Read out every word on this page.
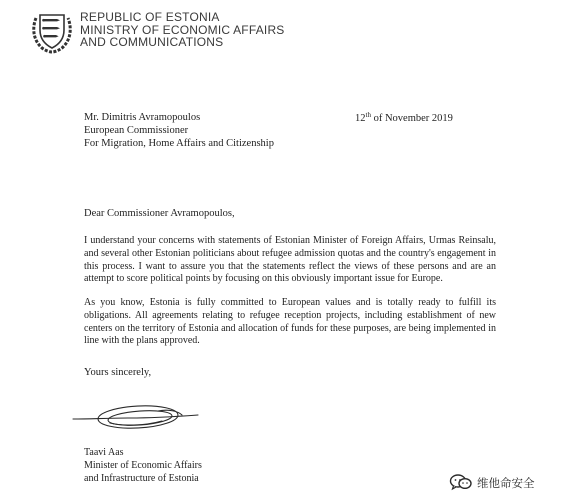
REPUBLIC OF ESTONIA
MINISTRY OF ECONOMIC AFFAIRS
AND COMMUNICATIONS
Mr. Dimitris Avramopoulos
European Commissioner
For Migration, Home Affairs and Citizenship
12th of November 2019
Dear Commissioner Avramopoulos,
I understand your concerns with statements of Estonian Minister of Foreign Affairs, Urmas Reinsalu, and several other Estonian politicians about refugee admission quotas and the country's engagement in this process. I want to assure you that the statements reflect the views of these persons and are an attempt to score political points by focusing on this obviously important issue for Europe.
As you know, Estonia is fully committed to European values and is totally ready to fulfill its obligations. All agreements relating to refugee reception projects, including establishment of new centers on the territory of Estonia and allocation of funds for these purposes, are being implemented in line with the plans approved.
Yours sincerely,
Taavi Aas
Minister of Economic Affairs
and Infrastructure of Estonia	维他命安全
